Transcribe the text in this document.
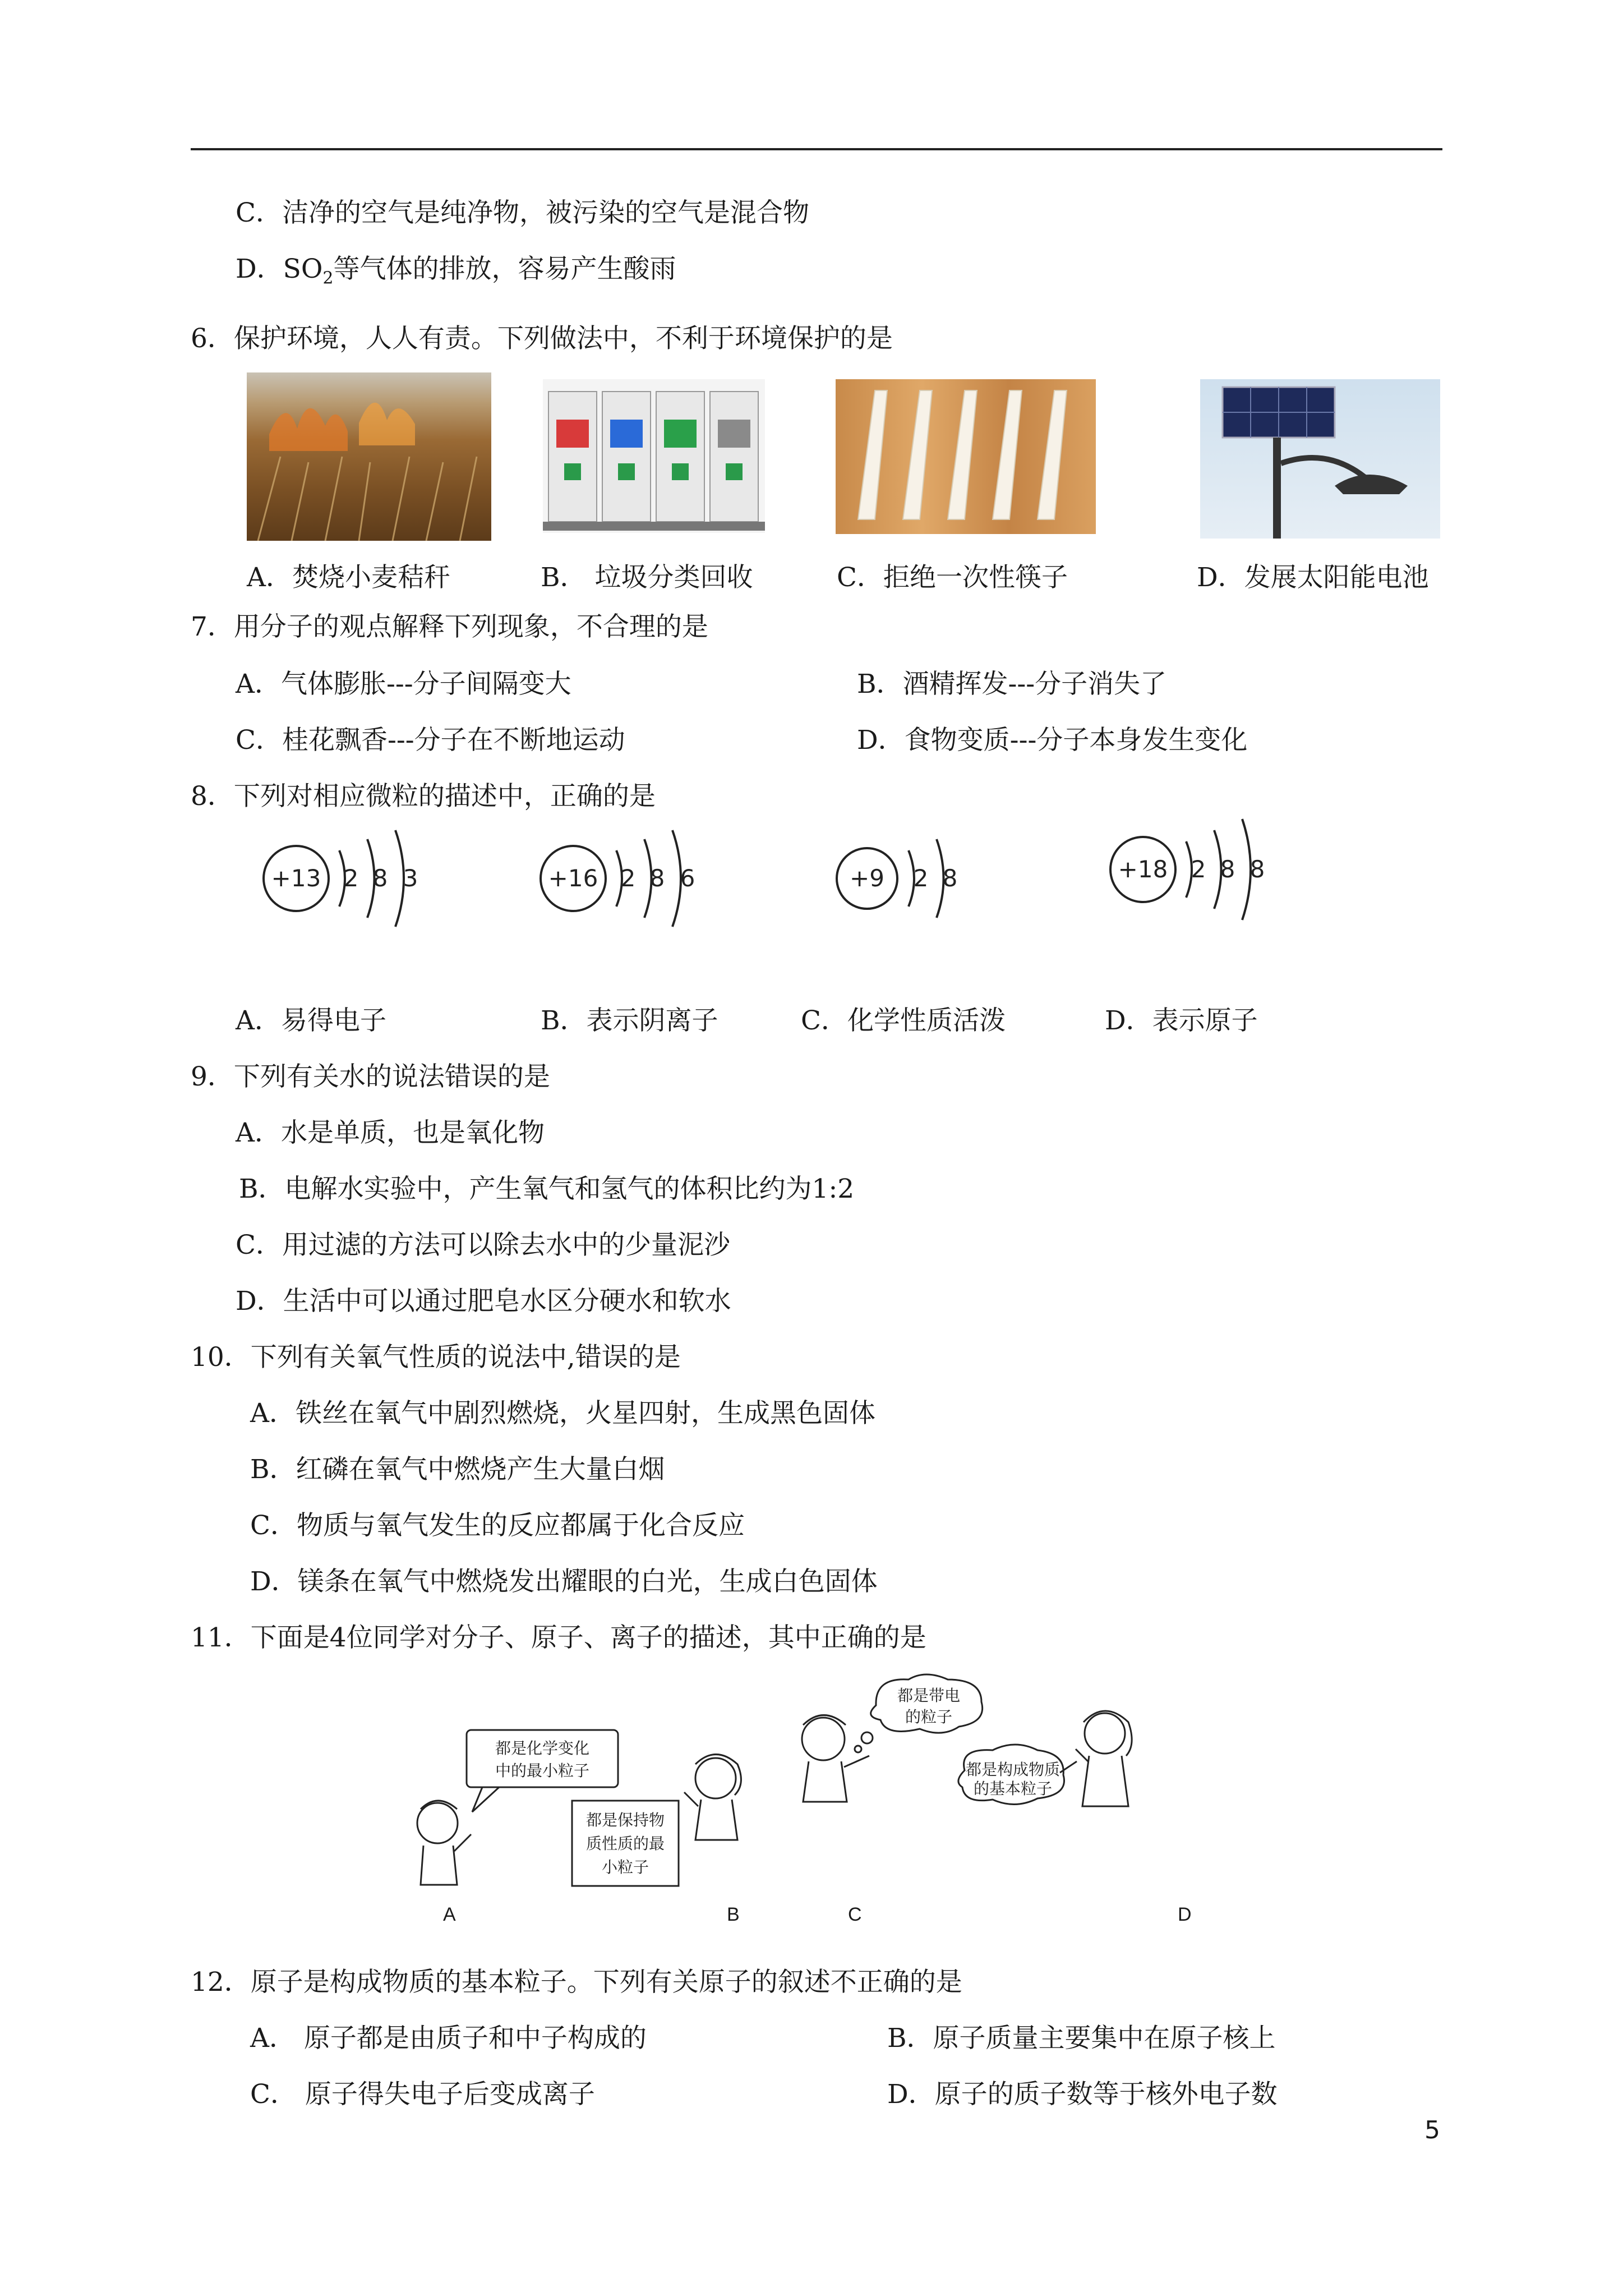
C．洁净的空气是纯净物，被污染的空气是混合物
D．$SO_2$等气体的排放，容易产生酸雨
6．保护环境，人人有责。下列做法中，不利于环境保护的是
A．焚烧小麦秸秆	B． 垃圾分类回收	C．拒绝一次性筷子	D．发展太阳能电池
7．用分子的观点解释下列现象，不合理的是
A．气体膨胀---分子间隔变大	B．酒精挥发---分子消失了
C．桂花飘香---分子在不断地运动	D．食物变质---分子本身发生变化
8．下列对相应微粒的描述中，正确的是
+13 2 8 3	+16 2 8 6	+9 2 8	+18 2 8 8
A．易得电子	B．表示阴离子	C．化学性质活泼	D．表示原子
9．下列有关水的说法错误的是
A．水是单质，也是氧化物
B．电解水实验中，产生氧气和氢气的体积比约为1:2
C．用过滤的方法可以除去水中的少量泥沙
D．生活中可以通过肥皂水区分硬水和软水
10．下列有关氧气性质的说法中,错误的是
A．铁丝在氧气中剧烈燃烧，火星四射，生成黑色固体
B．红磷在氧气中燃烧产生大量白烟
C．物质与氧气发生的反应都属于化合反应
D．镁条在氧气中燃烧发出耀眼的白光，生成白色固体
11．下面是4位同学对分子、原子、离子的描述，其中正确的是
都是化学变化
中的最小粒子
都是保持物
质性质的最
小粒子
都是带电
的粒子
都是构成物质
的基本粒子
A	B	C	D
12．原子是构成物质的基本粒子。下列有关原子的叙述不正确的是
A． 原子都是由质子和中子构成的	B．原子质量主要集中在原子核上
C． 原子得失电子后变成离子	D．原子的质子数等于核外电子数
5
